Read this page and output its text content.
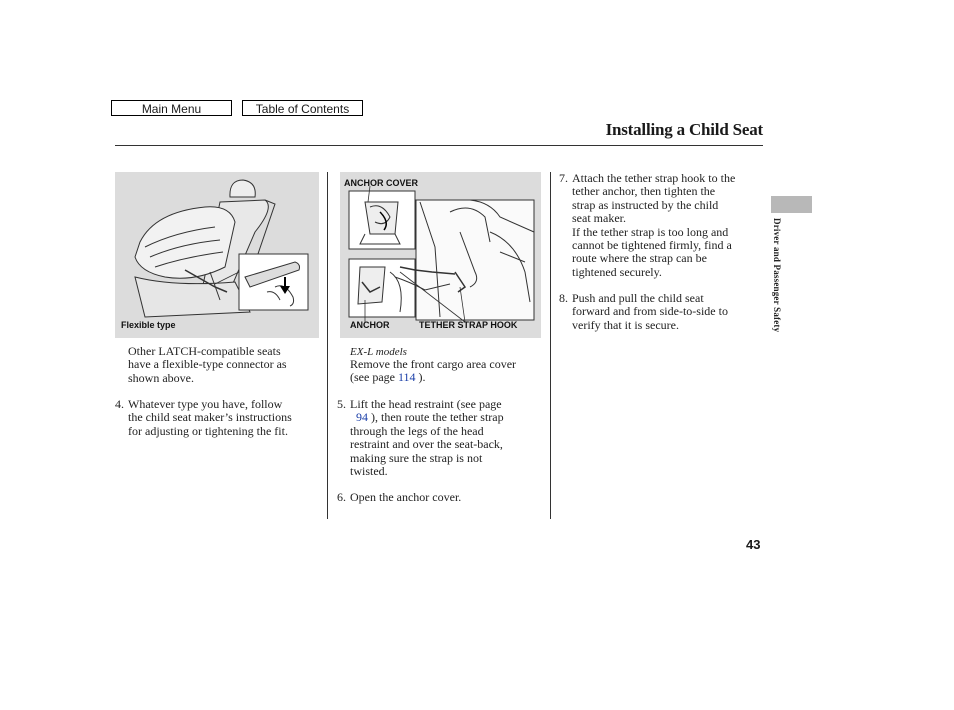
Main Menu	Table of Contents
Installing a Child Seat
Flexible type
ANCHOR COVER
ANCHOR	TETHER STRAP HOOK
Other LATCH-compatible seats
have a flexible-type connector as
shown above.
4. Whatever type you have, follow
the child seat maker’s instructions
for adjusting or tightening the fit.
EX-L models
Remove the front cargo area cover
(see page 114 ).
5. Lift the head restraint (see page
94 ), then route the tether strap
through the legs of the head
restraint and over the seat-back,
making sure the strap is not
twisted.
6. Open the anchor cover.
7. Attach the tether strap hook to the
tether anchor, then tighten the
strap as instructed by the child
seat maker.
If the tether strap is too long and
cannot be tightened firmly, find a
route where the strap can be
tightened securely.
8. Push and pull the child seat
forward and from side-to-side to
verify that it is secure.	Driver and Passenger Safety
43
